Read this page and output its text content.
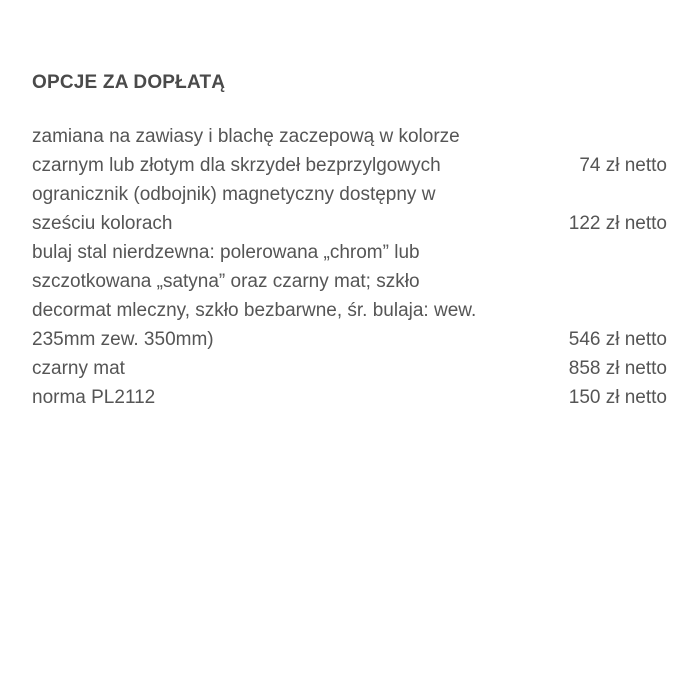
OPCJE ZA DOPŁATĄ

zamiana na zawiasy i blachę zaczepową w kolorze czarnym lub złotym dla skrzydeł bezprzylgowych	74 zł netto

ogranicznik (odbojnik) magnetyczny dostępny w sześciu kolorach	122 zł netto

bulaj stal nierdzewna: polerowana „chrom” lub szczotkowana „satyna” oraz czarny mat; szkło decormat mleczny, szkło bezbarwne, śr. bulaja: wew. 235mm zew. 350mm)	546 zł netto

czarny mat	858 zł netto

norma PL2112	150 zł netto
